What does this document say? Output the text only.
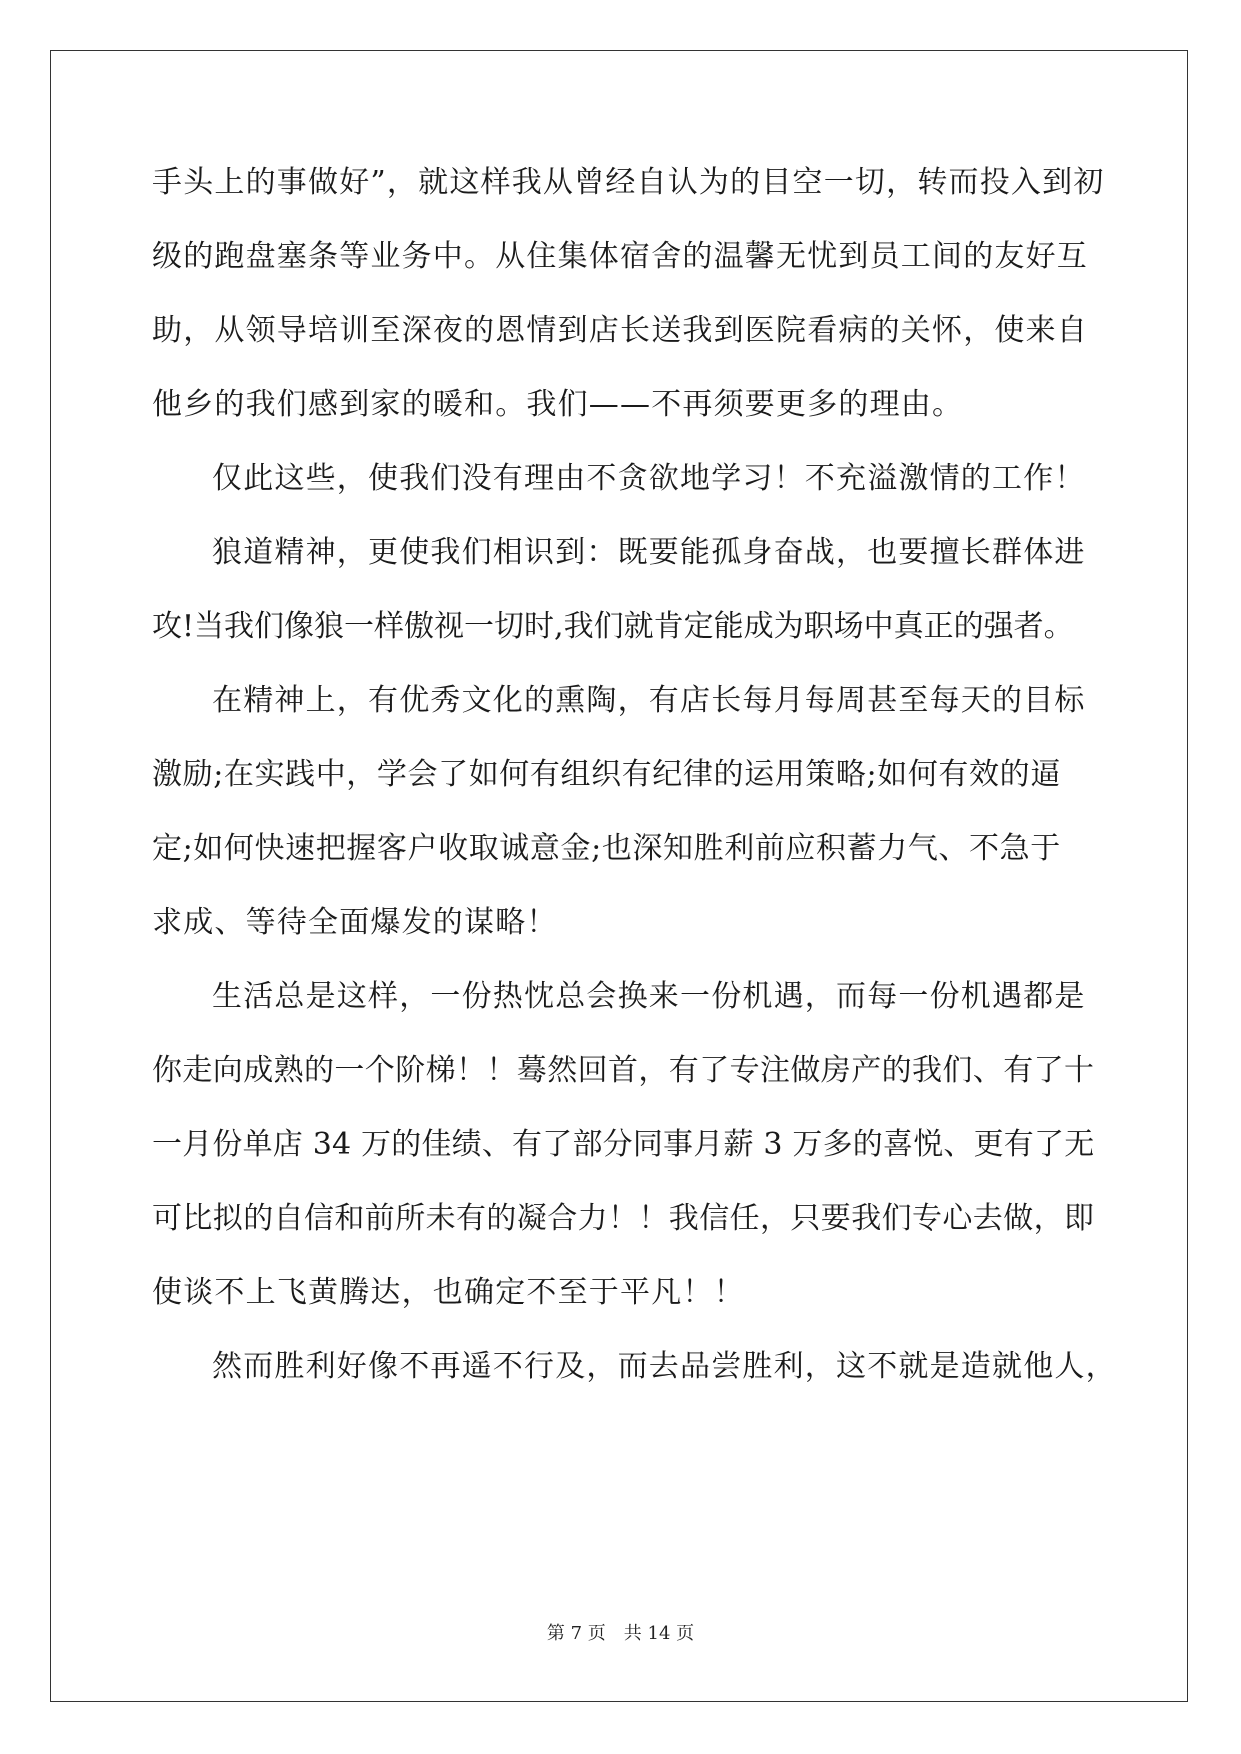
手头上的事做好”，就这样我从曾经自认为的目空一切，转而投入到初
级的跑盘塞条等业务中。从住集体宿舍的温馨无忧到员工间的友好互
助，从领导培训至深夜的恩情到店长送我到医院看病的关怀，使来自
他乡的我们感到家的暖和。我们——不再须要更多的理由。
仅此这些，使我们没有理由不贪欲地学习！不充溢激情的工作！
狼道精神，更使我们相识到：既要能孤身奋战，也要擅长群体进
攻!当我们像狼一样傲视一切时,我们就肯定能成为职场中真正的强者。
在精神上，有优秀文化的熏陶，有店长每月每周甚至每天的目标
激励;在实践中，学会了如何有组织有纪律的运用策略;如何有效的逼
定;如何快速把握客户收取诚意金;也深知胜利前应积蓄力气、不急于
求成、等待全面爆发的谋略！
生活总是这样，一份热忱总会换来一份机遇，而每一份机遇都是
你走向成熟的一个阶梯！！蓦然回首，有了专注做房产的我们、有了十
一月份单店 34 万的佳绩、有了部分同事月薪 3 万多的喜悦、更有了无
可比拟的自信和前所未有的凝合力！！我信任，只要我们专心去做，即
使谈不上飞黄腾达，也确定不至于平凡！！
然而胜利好像不再遥不行及，而去品尝胜利，这不就是造就他人，
第 7 页　共 14 页
